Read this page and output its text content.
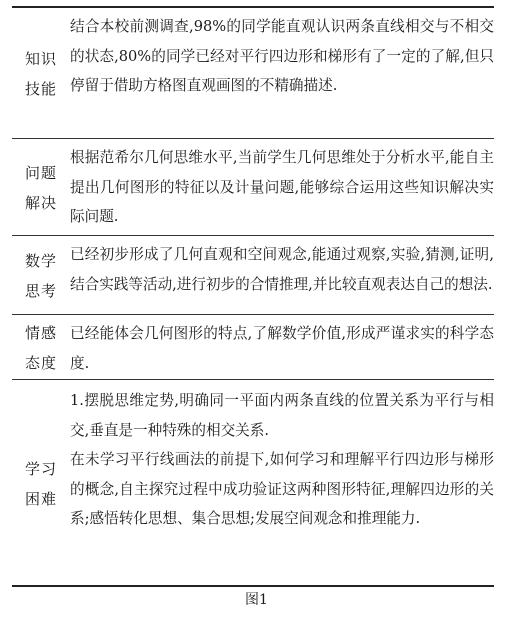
知识
技能

结合本校前测调查,98%的同学能直观认识两条直线相交与不相交的状态,80%的同学已经对平行四边形和梯形有了一定的了解,但只停留于借助方格图直观画图的不精确描述.

问题
解决

根据范希尔几何思维水平,当前学生几何思维处于分析水平,能自主提出几何图形的特征以及计量问题,能够综合运用这些知识解决实际问题.

数学
思考

已经初步形成了几何直观和空间观念,能通过观察,实验,猜测,证明,结合实践等活动,进行初步的合情推理,并比较直观表达自己的想法.

情感
态度

已经能体会几何图形的特点,了解数学价值,形成严谨求实的科学态度.

学习
困难

1.摆脱思维定势,明确同一平面内两条直线的位置关系为平行与相交,垂直是一种特殊的相交关系.

在未学习平行线画法的前提下,如何学习和理解平行四边形与梯形的概念,自主探究过程中成功验证这两种图形特征,理解四边形的关系;感悟转化思想、集合思想;发展空间观念和推理能力.

图1
